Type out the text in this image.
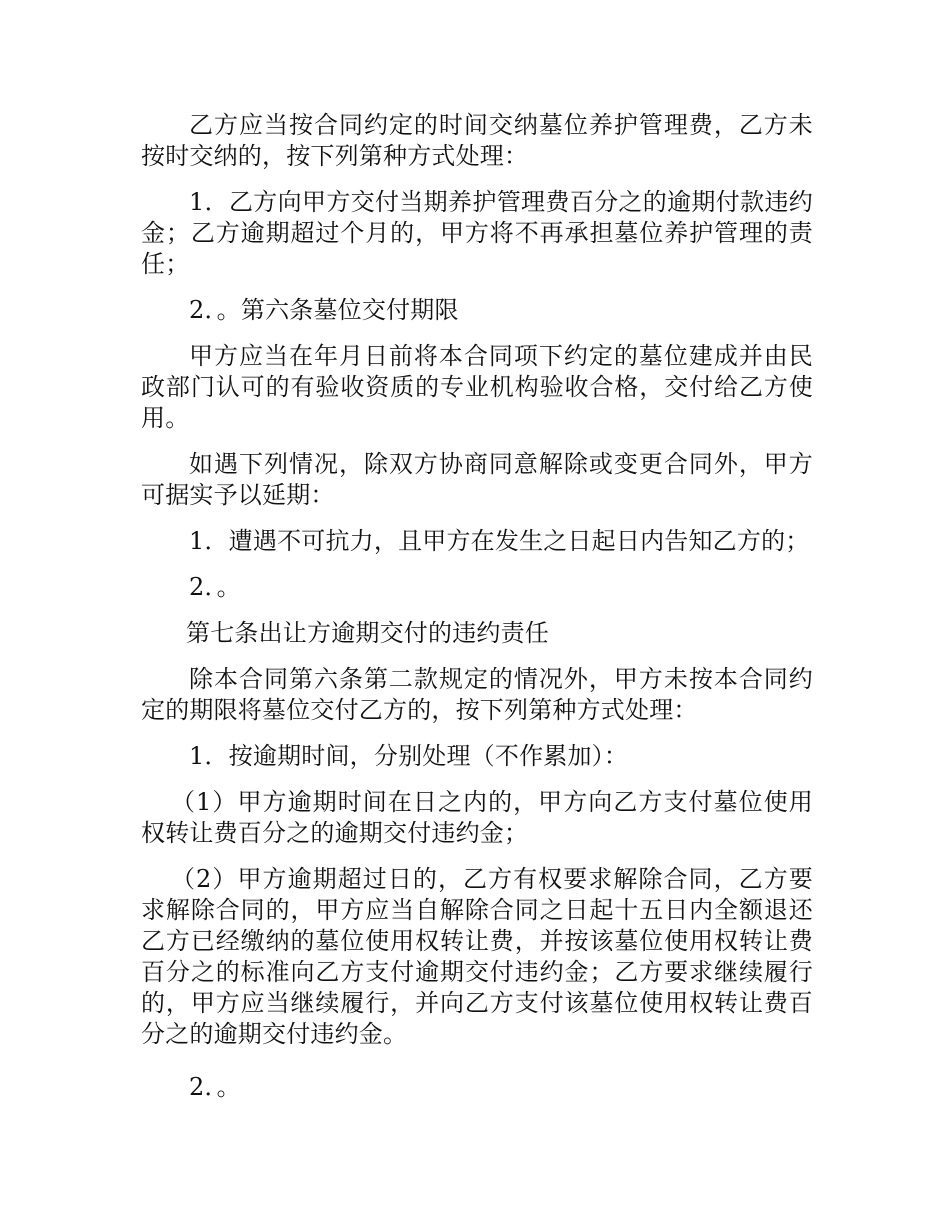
乙方应当按合同约定的时间交纳墓位养护管理费，乙方未按时交纳的，按下列第种方式处理：

1．乙方向甲方交付当期养护管理费百分之的逾期付款违约金；乙方逾期超过个月的，甲方将不再承担墓位养护管理的责任；

2．。第六条墓位交付期限

甲方应当在年月日前将本合同项下约定的墓位建成并由民政部门认可的有验收资质的专业机构验收合格，交付给乙方使用。

如遇下列情况，除双方协商同意解除或变更合同外，甲方可据实予以延期：

1．遭遇不可抗力，且甲方在发生之日起日内告知乙方的；

2．。

第七条出让方逾期交付的违约责任

除本合同第六条第二款规定的情况外，甲方未按本合同约定的期限将墓位交付乙方的，按下列第种方式处理：

1．按逾期时间，分别处理（不作累加）：

（1）甲方逾期时间在日之内的，甲方向乙方支付墓位使用权转让费百分之的逾期交付违约金；

（2）甲方逾期超过日的，乙方有权要求解除合同，乙方要求解除合同的，甲方应当自解除合同之日起十五日内全额退还乙方已经缴纳的墓位使用权转让费，并按该墓位使用权转让费百分之的标准向乙方支付逾期交付违约金；乙方要求继续履行的，甲方应当继续履行，并向乙方支付该墓位使用权转让费百分之的逾期交付违约金。

2．。
